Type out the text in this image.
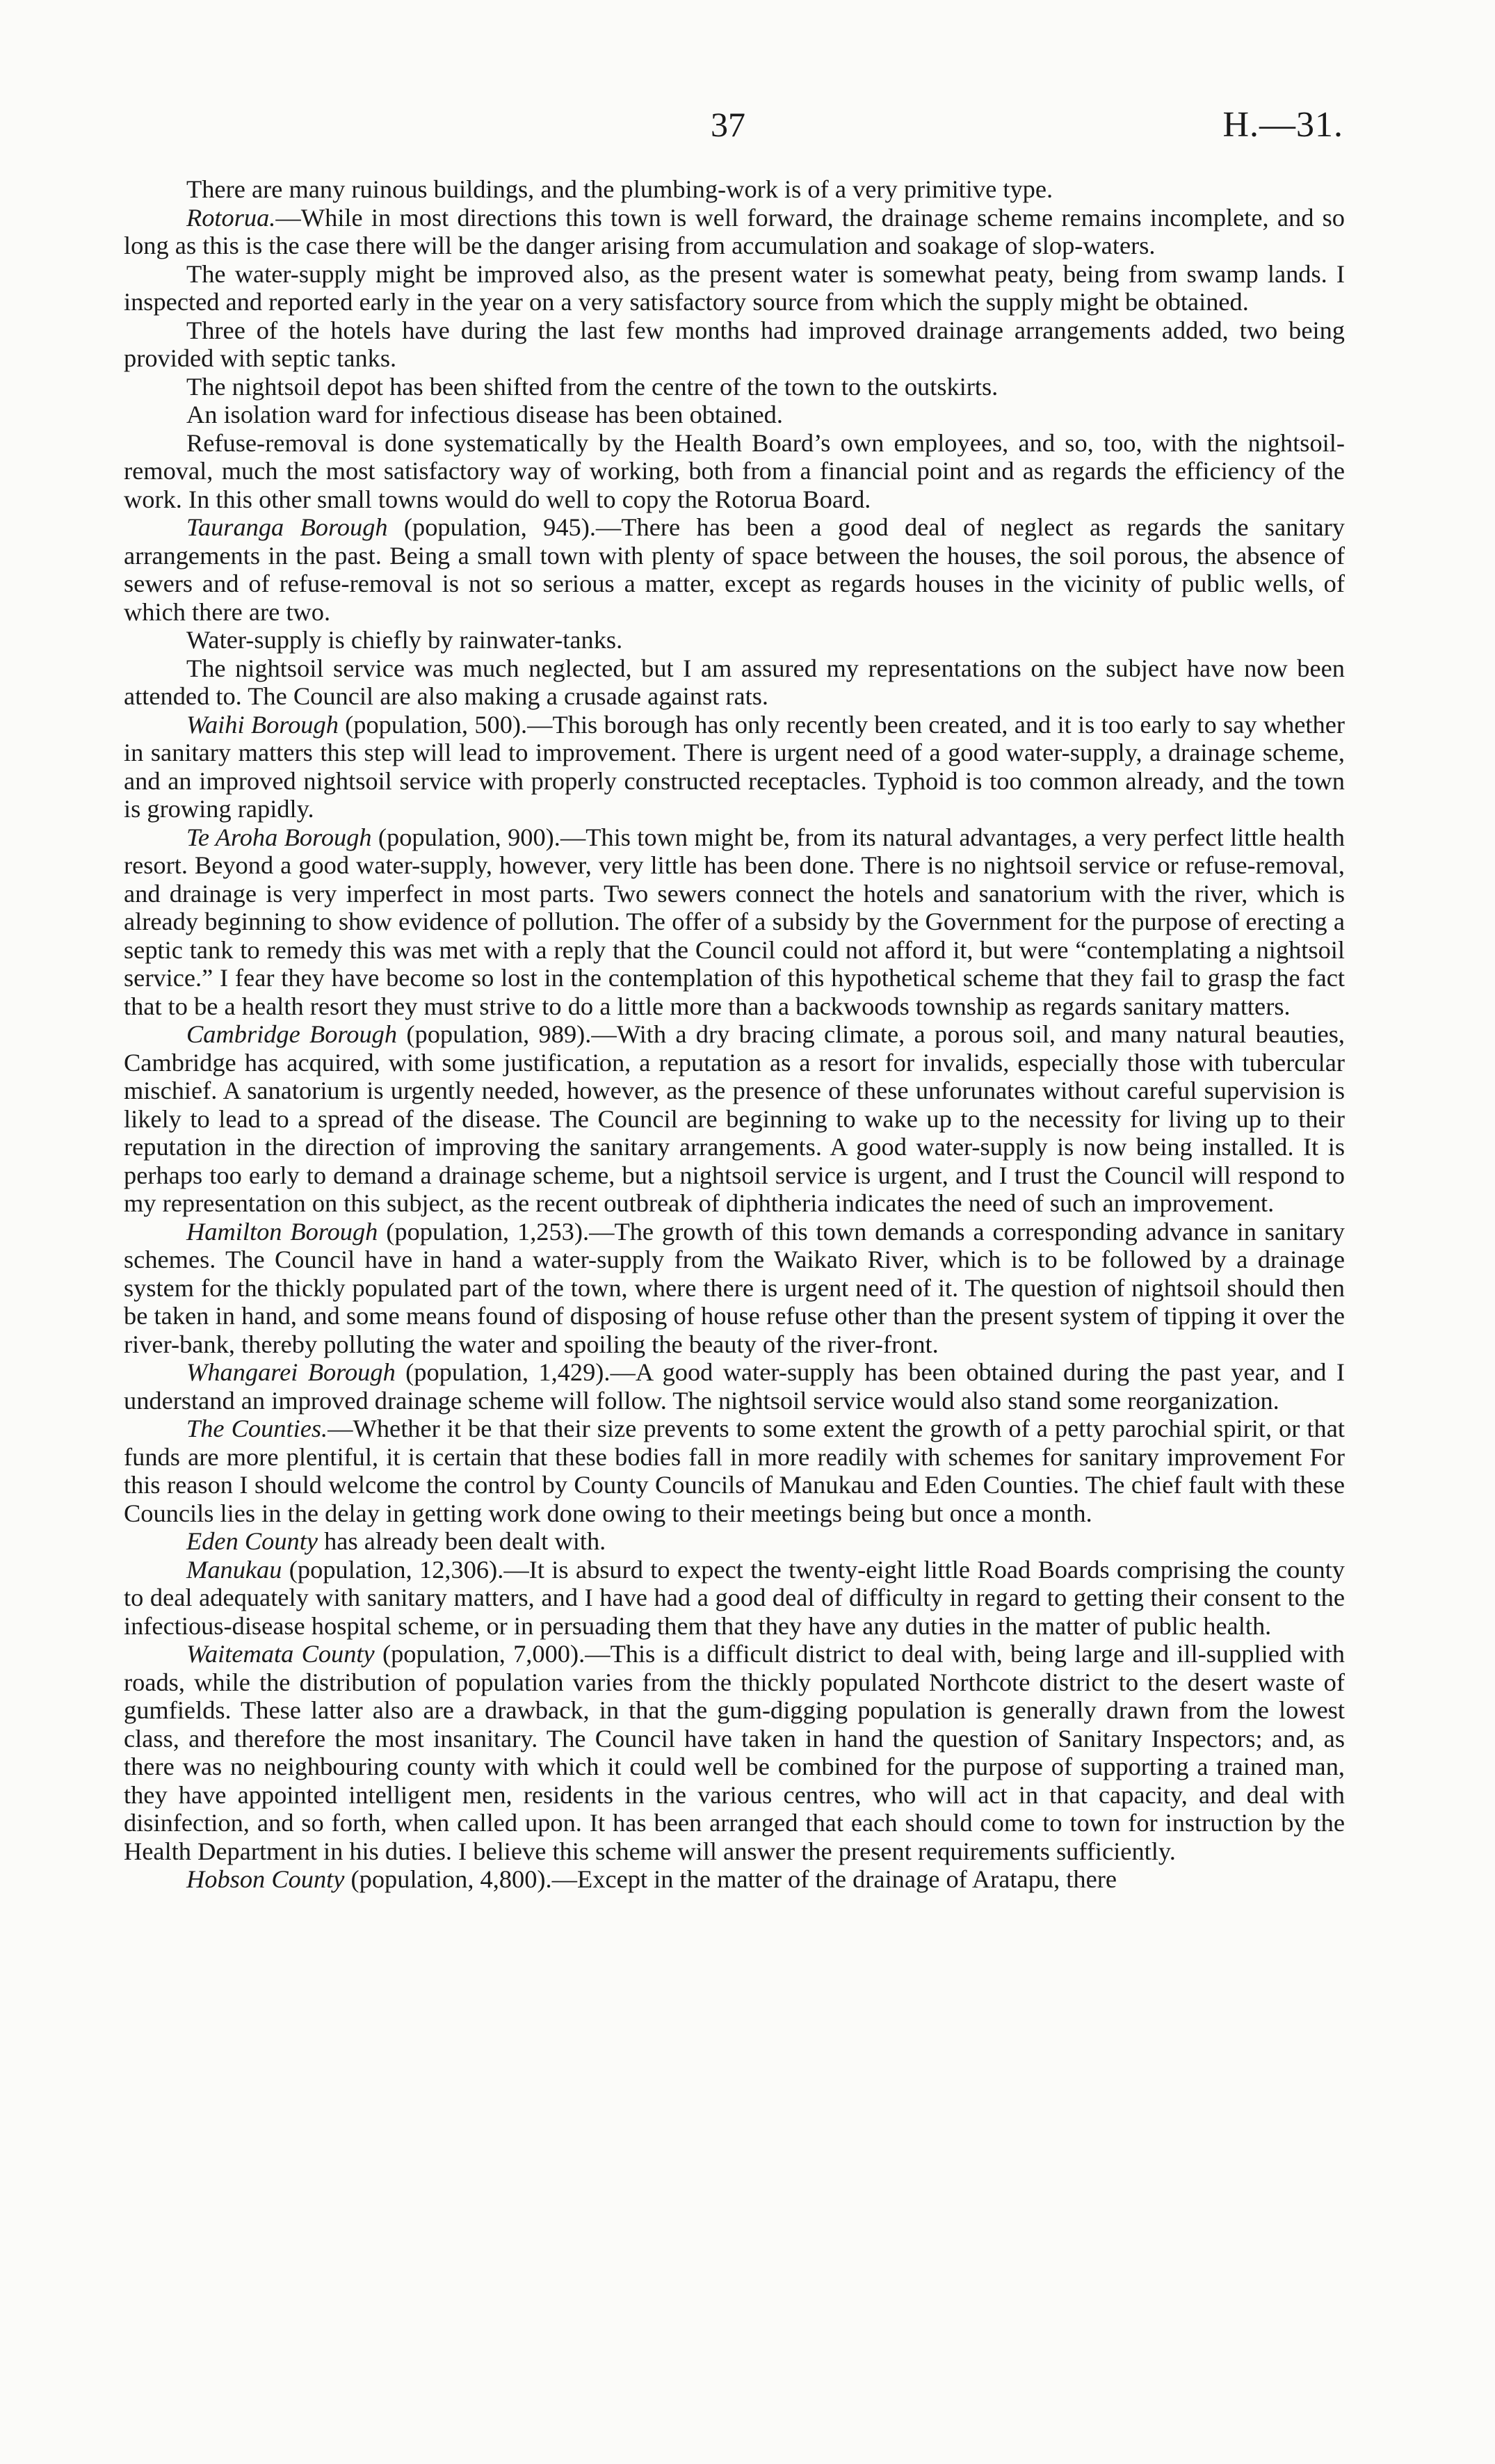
37	H.—31.

There are many ruinous buildings, and the plumbing-work is of a very primitive type.

Rotorua.—While in most directions this town is well forward, the drainage scheme remains incomplete, and so long as this is the case there will be the danger arising from accumulation and soakage of slop-waters.

The water-supply might be improved also, as the present water is somewhat peaty, being from swamp lands. I inspected and reported early in the year on a very satisfactory source from which the supply might be obtained.

Three of the hotels have during the last few months had improved drainage arrangements added, two being provided with septic tanks.

The nightsoil depot has been shifted from the centre of the town to the outskirts.

An isolation ward for infectious disease has been obtained.

Refuse-removal is done systematically by the Health Board’s own employees, and so, too, with the nightsoil-removal, much the most satisfactory way of working, both from a financial point and as regards the efficiency of the work. In this other small towns would do well to copy the Rotorua Board.

Tauranga Borough (population, 945).—There has been a good deal of neglect as regards the sanitary arrangements in the past. Being a small town with plenty of space between the houses, the soil porous, the absence of sewers and of refuse-removal is not so serious a matter, except as regards houses in the vicinity of public wells, of which there are two.

Water-supply is chiefly by rainwater-tanks.

The nightsoil service was much neglected, but I am assured my representations on the subject have now been attended to. The Council are also making a crusade against rats.

Waihi Borough (population, 500).—This borough has only recently been created, and it is too early to say whether in sanitary matters this step will lead to improvement. There is urgent need of a good water-supply, a drainage scheme, and an improved nightsoil service with properly constructed receptacles. Typhoid is too common already, and the town is growing rapidly.

Te Aroha Borough (population, 900).—This town might be, from its natural advantages, a very perfect little health resort. Beyond a good water-supply, however, very little has been done. There is no nightsoil service or refuse-removal, and drainage is very imperfect in most parts. Two sewers connect the hotels and sanatorium with the river, which is already beginning to show evidence of pollution. The offer of a subsidy by the Government for the purpose of erecting a septic tank to remedy this was met with a reply that the Council could not afford it, but were “contemplating a nightsoil service.” I fear they have become so lost in the contemplation of this hypothetical scheme that they fail to grasp the fact that to be a health resort they must strive to do a little more than a backwoods township as regards sanitary matters.

Cambridge Borough (population, 989).—With a dry bracing climate, a porous soil, and many natural beauties, Cambridge has acquired, with some justification, a reputation as a resort for invalids, especially those with tubercular mischief. A sanatorium is urgently needed, however, as the presence of these unforunates without careful supervision is likely to lead to a spread of the disease. The Council are beginning to wake up to the necessity for living up to their reputation in the direction of improving the sanitary arrangements. A good water-supply is now being installed. It is perhaps too early to demand a drainage scheme, but a nightsoil service is urgent, and I trust the Council will respond to my representation on this subject, as the recent outbreak of diphtheria indicates the need of such an improvement.

Hamilton Borough (population, 1,253).—The growth of this town demands a corresponding advance in sanitary schemes. The Council have in hand a water-supply from the Waikato River, which is to be followed by a drainage system for the thickly populated part of the town, where there is urgent need of it. The question of nightsoil should then be taken in hand, and some means found of disposing of house refuse other than the present system of tipping it over the river-bank, thereby polluting the water and spoiling the beauty of the river-front.

Whangarei Borough (population, 1,429).—A good water-supply has been obtained during the past year, and I understand an improved drainage scheme will follow. The nightsoil service would also stand some reorganization.

The Counties.—Whether it be that their size prevents to some extent the growth of a petty parochial spirit, or that funds are more plentiful, it is certain that these bodies fall in more readily with schemes for sanitary improvement For this reason I should welcome the control by County Councils of Manukau and Eden Counties. The chief fault with these Councils lies in the delay in getting work done owing to their meetings being but once a month.

Eden County has already been dealt with.

Manukau (population, 12,306).—It is absurd to expect the twenty-eight little Road Boards comprising the county to deal adequately with sanitary matters, and I have had a good deal of difficulty in regard to getting their consent to the infectious-disease hospital scheme, or in persuading them that they have any duties in the matter of public health.

Waitemata County (population, 7,000).—This is a difficult district to deal with, being large and ill-supplied with roads, while the distribution of population varies from the thickly populated Northcote district to the desert waste of gumfields. These latter also are a drawback, in that the gum-digging population is generally drawn from the lowest class, and therefore the most insanitary. The Council have taken in hand the question of Sanitary Inspectors; and, as there was no neighbouring county with which it could well be combined for the purpose of supporting a trained man, they have appointed intelligent men, residents in the various centres, who will act in that capacity, and deal with disinfection, and so forth, when called upon. It has been arranged that each should come to town for instruction by the Health Department in his duties. I believe this scheme will answer the present requirements sufficiently.

Hobson County (population, 4,800).—Except in the matter of the drainage of Aratapu, there
